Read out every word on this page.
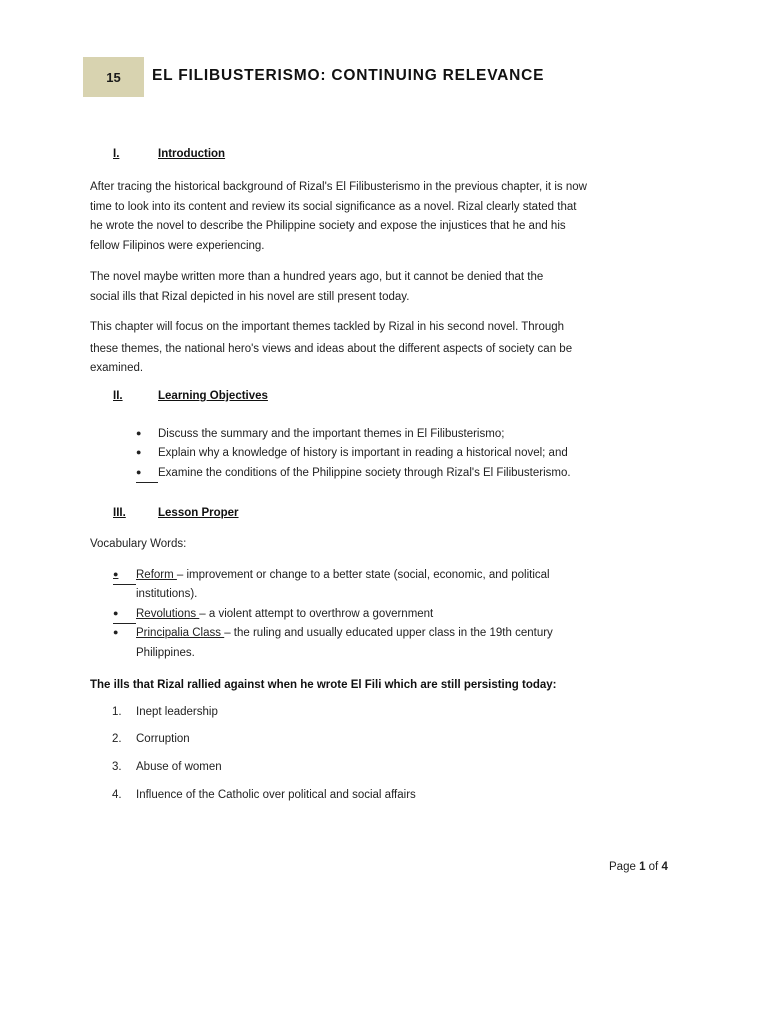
15 EL FILIBUSTERISMO: CONTINUING RELEVANCE
I.	Introduction

After tracing the historical background of Rizal's El Filibusterismo in the previous chapter, it is now

time to look into its content and review its social significance as a novel. Rizal clearly stated that

he wrote the novel to describe the Philippine society and expose the injustices that he and his

fellow Filipinos were experiencing.

The novel maybe written more than a hundred years ago, but it cannot be denied that the

social ills that Rizal depicted in his novel are still present today.

This chapter will focus on the important themes tackled by Rizal in his second novel. Through

these themes, the national hero's views and ideas about the different aspects of society can be

examined.

II.	Learning Objectives
● Discuss the summary and the important themes in El Filibusterismo;
● Explain why a knowledge of history is important in reading a historical novel; and
● Examine the conditions of the Philippine society through Rizal's El Filibusterismo.
III.	Lesson Proper
Vocabulary Words:
● Reform – improvement or change to a better state (social, economic, and political
institutions).
● Revolutions – a violent attempt to overthrow a government
● Principalia Class – the ruling and usually educated upper class in the 19th century
Philippines.
The ills that Rizal rallied against when he wrote El Fili which are still persisting today:
1. Inept leadership
2. Corruption
3. Abuse of women
4. Influence of the Catholic over political and social affairs
Page 1 of 4
